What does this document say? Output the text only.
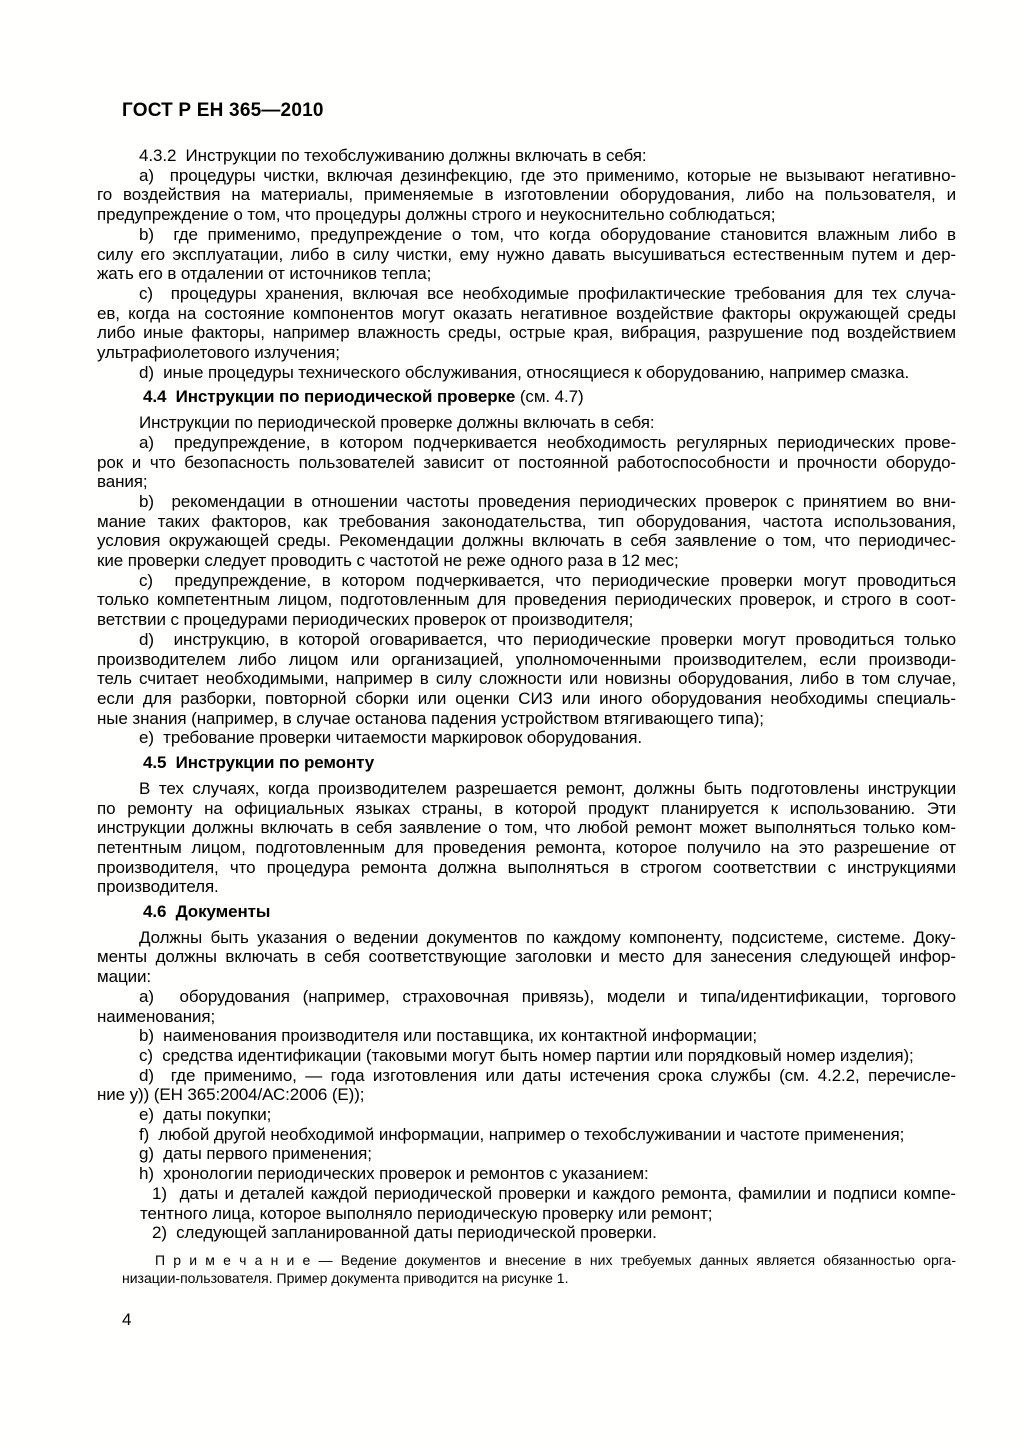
ГОСТ Р ЕН 365—2010
4.3.2  Инструкции по техобслуживанию должны включать в себя:
a)  процедуры чистки, включая дезинфекцию, где это применимо, которые не вызывают негативно-
го воздействия на материалы, применяемые в изготовлении оборудования, либо на пользователя, и
предупреждение о том, что процедуры должны строго и неукоснительно соблюдаться;
b)  где применимо, предупреждение о том, что когда оборудование становится влажным либо в
силу его эксплуатации, либо в силу чистки, ему нужно давать высушиваться естественным путем и дер-
жать его в отдалении от источников тепла;
c)  процедуры хранения, включая все необходимые профилактические требования для тех случа-
ев, когда на состояние компонентов могут оказать негативное воздействие факторы окружающей среды
либо иные факторы, например влажность среды, острые края, вибрация, разрушение под воздействием
ультрафиолетового излучения;
d)  иные процедуры технического обслуживания, относящиеся к оборудованию, например смазка.
4.4  Инструкции по периодической проверке (см. 4.7)
Инструкции по периодической проверке должны включать в себя:
a)  предупреждение, в котором подчеркивается необходимость регулярных периодических прове-
рок и что безопасность пользователей зависит от постоянной работоспособности и прочности оборудо-
вания;
b)  рекомендации в отношении частоты проведения периодических проверок с принятием во вни-
мание таких факторов, как требования законодательства, тип оборудования, частота использования,
условия окружающей среды. Рекомендации должны включать в себя заявление о том, что периодичес-
кие проверки следует проводить с частотой не реже одного раза в 12 мес;
c)  предупреждение, в котором подчеркивается, что периодические проверки могут проводиться
только компетентным лицом, подготовленным для проведения периодических проверок, и строго в соот-
ветствии с процедурами периодических проверок от производителя;
d)  инструкцию, в которой оговаривается, что периодические проверки могут проводиться только
производителем либо лицом или организацией, уполномоченными производителем, если производи-
тель считает необходимыми, например в силу сложности или новизны оборудования, либо в том случае,
если для разборки, повторной сборки или оценки СИЗ или иного оборудования необходимы специаль-
ные знания (например, в случае останова падения устройством втягивающего типа);
e)  требование проверки читаемости маркировок оборудования.
4.5  Инструкции по ремонту
В тех случаях, когда производителем разрешается ремонт, должны быть подготовлены инструкции
по ремонту на официальных языках страны, в которой продукт планируется к использованию. Эти
инструкции должны включать в себя заявление о том, что любой ремонт может выполняться только ком-
петентным лицом, подготовленным для проведения ремонта, которое получило на это разрешение от
производителя, что процедура ремонта должна выполняться в строгом соответствии с инструкциями
производителя.
4.6  Документы
Должны быть указания о ведении документов по каждому компоненту, подсистеме, системе. Доку-
менты должны включать в себя соответствующие заголовки и место для занесения следующей инфор-
мации:
a)  оборудования (например, страховочная привязь), модели и типа/идентификации, торгового
наименования;
b)  наименования производителя или поставщика, их контактной информации;
c)  средства идентификации (таковыми могут быть номер партии или порядковый номер изделия);
d)  где применимо, — года изготовления или даты истечения срока службы (см. 4.2.2, перечисле-
ние у)) (ЕН 365:2004/АС:2006 (Е));
e)  даты покупки;
f)  любой другой необходимой информации, например о техобслуживании и частоте применения;
g)  даты первого применения;
h)  хронологии периодических проверок и ремонтов с указанием:
1)  даты и деталей каждой периодической проверки и каждого ремонта, фамилии и подписи компе-
тентного лица, которое выполняло периодическую проверку или ремонт;
2)  следующей запланированной даты периодической проверки.
П р и м е ч а н и е — Ведение документов и внесение в них требуемых данных является обязанностью орга-
низации-пользователя. Пример документа приводится на рисунке 1.
4
